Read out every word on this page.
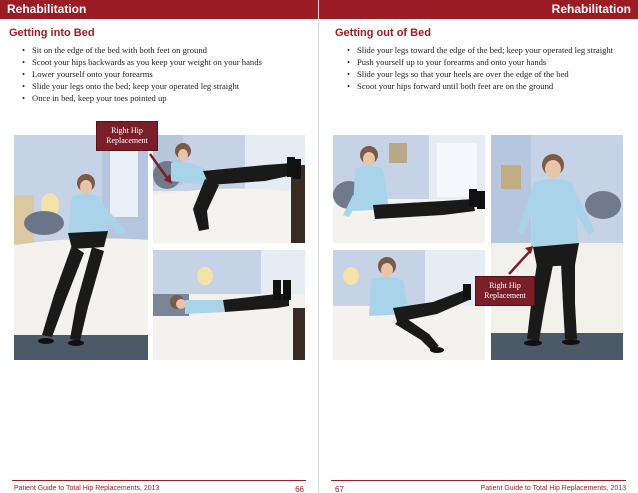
Rehabilitation
Getting into Bed
• Sit on the edge of the bed with both feet on ground
• Scoot your hips backwards as you keep your weight on your hands
• Lower yourself onto your forearms
• Slide your legs onto the bed; keep your operated leg straight
• Once in bed, keep your toes pointed up
Right Hip Replacement
Patient Guide to Total Hip Replacements, 2013	66
Rehabilitation
Getting out of Bed
• Slide your legs toward the edge of the bed; keep your operated leg straight
• Push yourself up to your forearms and onto your hands
• Slide your legs so that your heels are over the edge of the bed
• Scoot your hips forward until both feet are on the ground
Right Hip Replacement
67	Patient Guide to Total Hip Replacements, 2013
